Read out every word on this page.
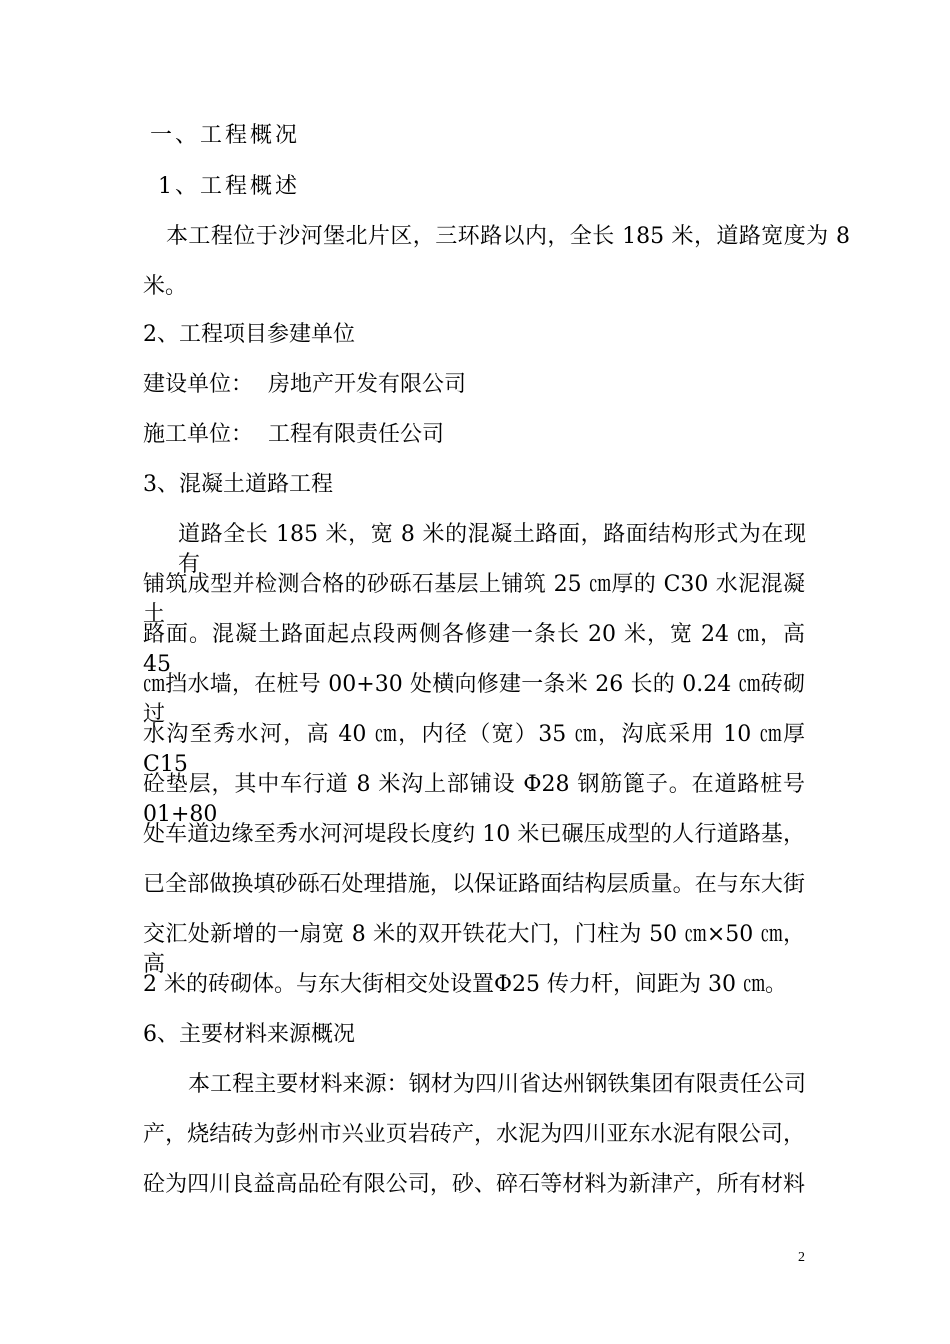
一、工程概况
1、工程概述
本工程位于沙河堡北片区，三环路以内，全长 185 米，道路宽度为 8
米。
2、工程项目参建单位
建设单位： 房地产开发有限公司
施工单位： 工程有限责任公司
3、混凝土道路工程
道路全长 185 米，宽 8 米的混凝土路面，路面结构形式为在现有
铺筑成型并检测合格的砂砾石基层上铺筑 25 ㎝厚的 C30 水泥混凝土
路面。混凝土路面起点段两侧各修建一条长 20 米，宽 24 ㎝，高 45
㎝挡水墙，在桩号 00+30 处横向修建一条米 26 长的 0.24 ㎝砖砌过
水沟至秀水河，高 40 ㎝，内径（宽）35 ㎝，沟底采用 10 ㎝厚 C15
砼垫层，其中车行道 8 米沟上部铺设 Ф28 钢筋篦子。在道路桩号 01+80
处车道边缘至秀水河河堤段长度约 10 米已碾压成型的人行道路基，
已全部做换填砂砾石处理措施，以保证路面结构层质量。在与东大街
交汇处新增的一扇宽 8 米的双开铁花大门，门柱为 50 ㎝×50 ㎝，高
2 米的砖砌体。与东大街相交处设置Φ25 传力杆，间距为 30 ㎝。
6、主要材料来源概况
本工程主要材料来源：钢材为四川省达州钢铁集团有限责任公司
产，烧结砖为彭州市兴业页岩砖产，水泥为四川亚东水泥有限公司，
砼为四川良益高品砼有限公司，砂、碎石等材料为新津产，所有材料
2
